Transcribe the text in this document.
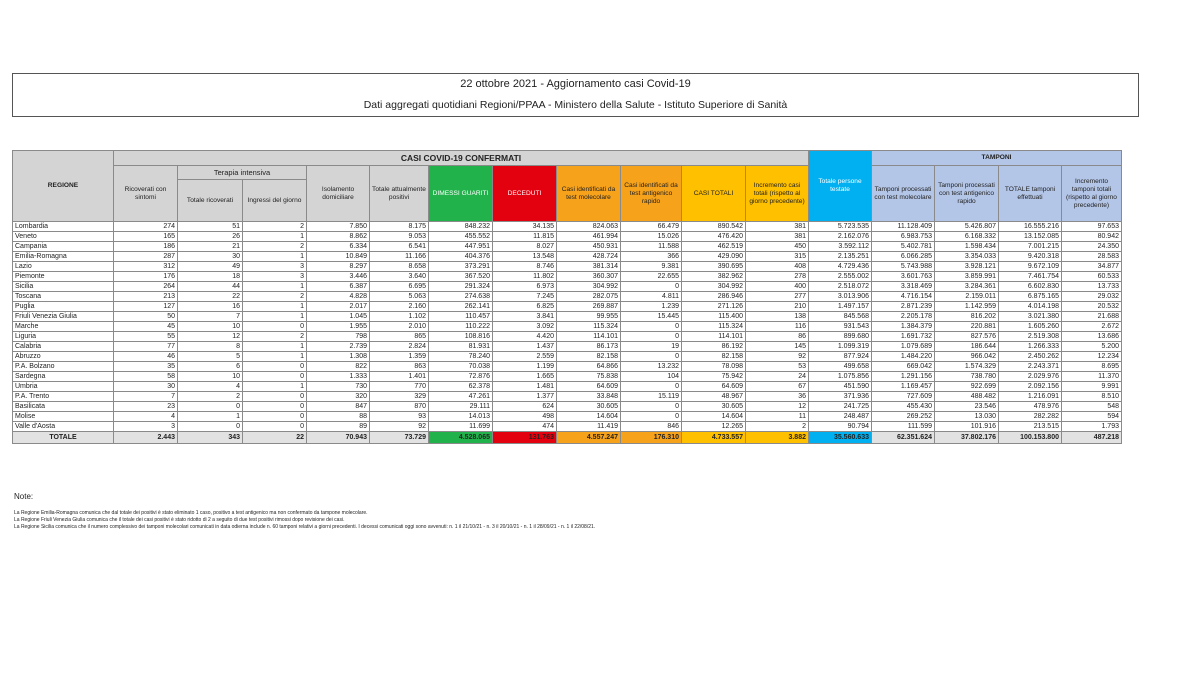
22 ottobre 2021 - Aggiornamento casi Covid-19
Dati aggregati quotidiani Regioni/PPAA - Ministero della Salute - Istituto Superiore di Sanità
REGIONE	CASI COVID-19 CONFERMATI											Totale persone testate	TAMPONI			
	Ricoverati con sintomi	Terapia intensiva		Isolamento domiciliare	Totale attualmente positivi	DIMESSI GUARITI	DECEDUTI	Casi identificati da test molecolare	Casi identificati da test antigenico rapido	CASI TOTALI	Incremento casi totali (rispetto al giorno precedente)		Tamponi processati con test molecolare	Tamponi processati con test antigenico rapido	TOTALE tamponi effettuati	Incremento tamponi totali (rispetto al giorno precedente)
		Totale ricoverati	Ingressi del giorno													
Lombardia	274	51	2	7.850	8.175	848.232	34.135	824.063	66.479	890.542	381	5.723.535	11.128.409	5.426.807	16.555.216	97.653
Veneto	165	26	1	8.862	9.053	455.552	11.815	461.994	15.026	476.420	381	2.162.076	6.983.753	6.168.332	13.152.085	80.942
Campania	186	21	2	6.334	6.541	447.951	8.027	450.931	11.588	462.519	450	3.592.112	5.402.781	1.598.434	7.001.215	24.350
Emilia-Romagna	287	30	1	10.849	11.166	404.376	13.548	428.724	366	429.090	315	2.135.251	6.066.285	3.354.033	9.420.318	28.583
Lazio	312	49	3	8.297	8.658	373.291	8.746	381.314	9.381	390.695	408	4.729.436	5.743.988	3.928.121	9.672.109	34.877
Piemonte	176	18	3	3.446	3.640	367.520	11.802	360.307	22.655	382.962	278	2.555.002	3.601.763	3.859.991	7.461.754	60.533
Sicilia	264	44	1	6.387	6.695	291.324	6.973	304.992	0	304.992	400	2.518.072	3.318.469	3.284.361	6.602.830	13.733
Toscana	213	22	2	4.828	5.063	274.638	7.245	282.075	4.811	286.946	277	3.013.906	4.716.154	2.159.011	6.875.165	29.032
Puglia	127	16	1	2.017	2.160	262.141	6.825	269.887	1.239	271.126	210	1.497.157	2.871.239	1.142.959	4.014.198	20.532
Friuli Venezia Giulia	50	7	1	1.045	1.102	110.457	3.841	99.955	15.445	115.400	138	845.568	2.205.178	816.202	3.021.380	21.688
Marche	45	10	0	1.955	2.010	110.222	3.092	115.324	0	115.324	116	931.543	1.384.379	220.881	1.605.260	2.672
Liguria	55	12	2	798	865	108.816	4.420	114.101	0	114.101	86	899.680	1.691.732	827.576	2.519.308	13.686
Calabria	77	8	1	2.739	2.824	81.931	1.437	86.173	19	86.192	145	1.099.319	1.079.689	186.644	1.266.333	5.200
Abruzzo	46	5	1	1.308	1.359	78.240	2.559	82.158	0	82.158	92	877.924	1.484.220	966.042	2.450.262	12.234
P.A. Bolzano	35	6	0	822	863	70.038	1.199	64.866	13.232	78.098	53	499.658	669.042	1.574.329	2.243.371	8.695
Sardegna	58	10	0	1.333	1.401	72.876	1.665	75.838	104	75.942	24	1.075.856	1.291.156	738.780	2.029.976	11.370
Umbria	30	4	1	730	770	62.378	1.481	64.609	0	64.609	67	451.590	1.169.457	922.699	2.092.156	9.991
P.A. Trento	7	2	0	320	329	47.261	1.377	33.848	15.119	48.967	36	371.936	727.609	488.482	1.216.091	8.510
Basilicata	23	0	0	847	870	29.111	624	30.605	0	30.605	12	241.725	455.430	23.546	478.976	548
Molise	4	1	0	88	93	14.013	498	14.604	0	14.604	11	248.487	269.252	13.030	282.282	594
Valle d'Aosta	3	0	0	89	92	11.699	474	11.419	846	12.265	2	90.794	111.599	101.916	213.515	1.793
TOTALE	2.443	343	22	70.943	73.729	4.528.065	131.763	4.557.247	176.310	4.733.557	3.882	35.560.633	62.351.624	37.802.176	100.153.800	487.218
Note:
La Regione Emilia-Romagna comunica che dal totale dei positivi è stato eliminato 1 caso, positivo a test antigenico ma non confermato da tampone molecolare.
La Regione Friuli Venezia Giulia comunica che il totale dei casi positivi è stato ridotto di 2 a seguito di due test positivi rimossi dopo revisione dei casi.
La Regione Sicilia comunica che il numero complessivo dei tamponi molecolari comunicati in data odierna include n. 60 tamponi relativi a giorni precedenti. I decessi comunicati oggi sono avvenuti: n. 1 il 21/10/21 - n. 3 il 20/10/21 - n. 1 il 28/09/21 - n. 1 il 22/08/21.
